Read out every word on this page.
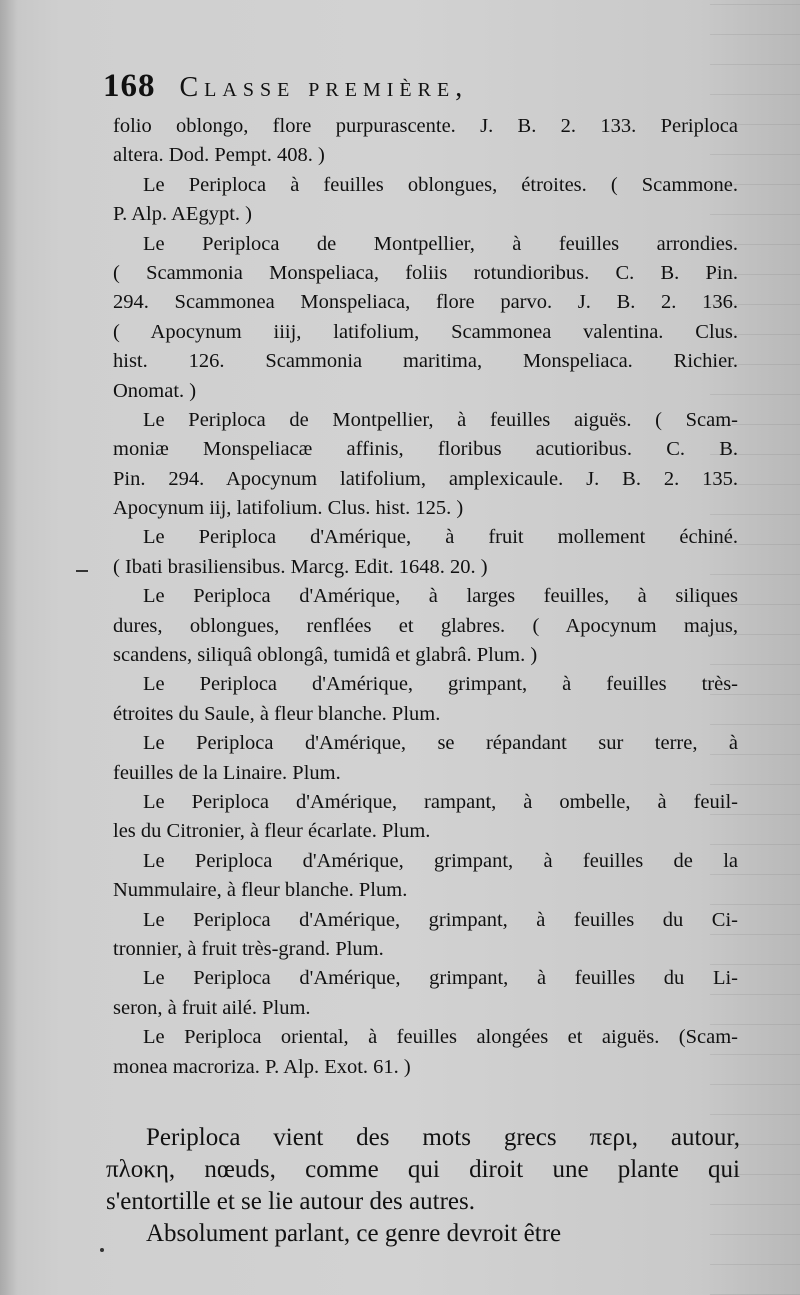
168 Classe première,
folio oblongo, flore purpurascente. J. B. 2. 133. Periploca
altera. Dod. Pempt. 408. )
Le Periploca à feuilles oblongues, étroites. ( Scammone.
P. Alp. AEgypt. )
Le Periploca de Montpellier, à feuilles arrondies.
( Scammonia Monspeliaca, foliis rotundioribus. C. B. Pin.
294. Scammonea Monspeliaca, flore parvo. J. B. 2. 136.
( Apocynum iiij, latifolium, Scammonea valentina. Clus.
hist. 126. Scammonia maritima, Monspeliaca. Richier.
Onomat. )
Le Periploca de Montpellier, à feuilles aiguës. ( Scam-
moniæ Monspeliacæ affinis, floribus acutioribus. C. B.
Pin. 294. Apocynum latifolium, amplexicaule. J. B. 2. 135.
Apocynum iij, latifolium. Clus. hist. 125. )
Le Periploca d'Amérique, à fruit mollement échiné.
( Ibati brasiliensibus. Marcg. Edit. 1648. 20. )
Le Periploca d'Amérique, à larges feuilles, à siliques
dures, oblongues, renflées et glabres. ( Apocynum majus,
scandens, siliquâ oblongâ, tumidâ et glabrâ. Plum. )
Le Periploca d'Amérique, grimpant, à feuilles très-
étroites du Saule, à fleur blanche. Plum.
Le Periploca d'Amérique, se répandant sur terre, à
feuilles de la Linaire. Plum.
Le Periploca d'Amérique, rampant, à ombelle, à feuil-
les du Citronier, à fleur écarlate. Plum.
Le Periploca d'Amérique, grimpant, à feuilles de la
Nummulaire, à fleur blanche. Plum.
Le Periploca d'Amérique, grimpant, à feuilles du Ci-
tronnier, à fruit très-grand. Plum.
Le Periploca d'Amérique, grimpant, à feuilles du Li-
seron, à fruit ailé. Plum.
Le Periploca oriental, à feuilles alongées et aiguës. (Scam-
monea macroriza. P. Alp. Exot. 61. )
Periploca vient des mots grecs περι, autour,
πλοκη, nœuds, comme qui diroit une plante qui
s'entortille et se lie autour des autres.
Absolument parlant, ce genre devroit être
